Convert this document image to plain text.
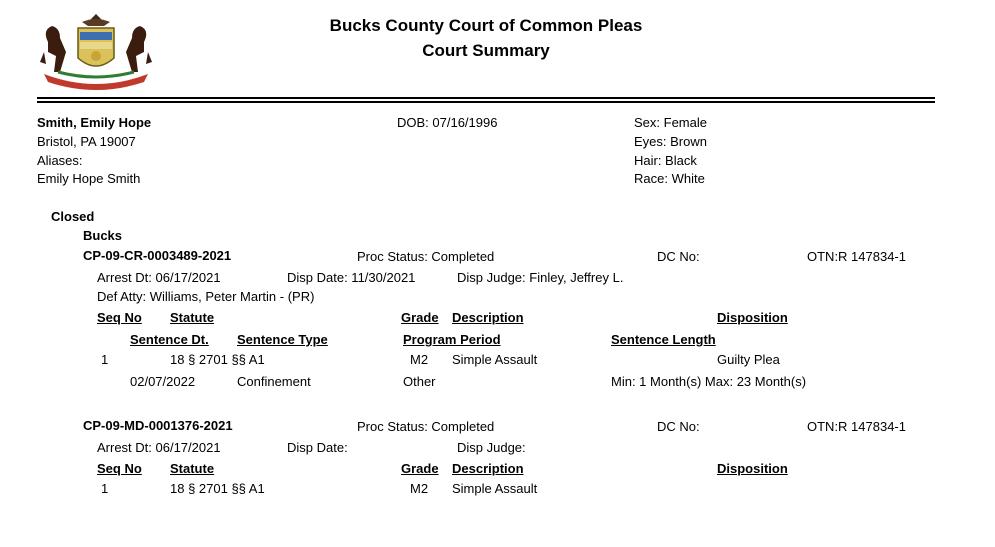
Bucks County Court of Common Pleas
Court Summary
Smith, Emily Hope
Bristol, PA 19007
Aliases:
Emily Hope Smith
DOB: 07/16/1996	Sex: Female
Eyes: Brown
Hair: Black
Race: White
Closed
Bucks
CP-09-CR-0003489-2021	Proc Status: Completed	DC No:	OTN:R 147834-1
Arrest Dt: 06/17/2021	Disp Date: 11/30/2021	Disp Judge: Finley, Jeffrey L.
Def Atty: Williams, Peter Martin - (PR)
Seq No Statute	Grade Description	Disposition
Sentence Dt. Sentence Type	Program Period	Sentence Length
1	18 § 2701 §§ A1	M2 Simple Assault	Guilty Plea
02/07/2022	Confinement	Other	Min: 1 Month(s) Max: 23 Month(s)
CP-09-MD-0001376-2021	Proc Status: Completed	DC No:	OTN:R 147834-1
Arrest Dt: 06/17/2021	Disp Date:	Disp Judge:
Seq No Statute	Grade Description	Disposition
1	18 § 2701 §§ A1	M2 Simple Assault
